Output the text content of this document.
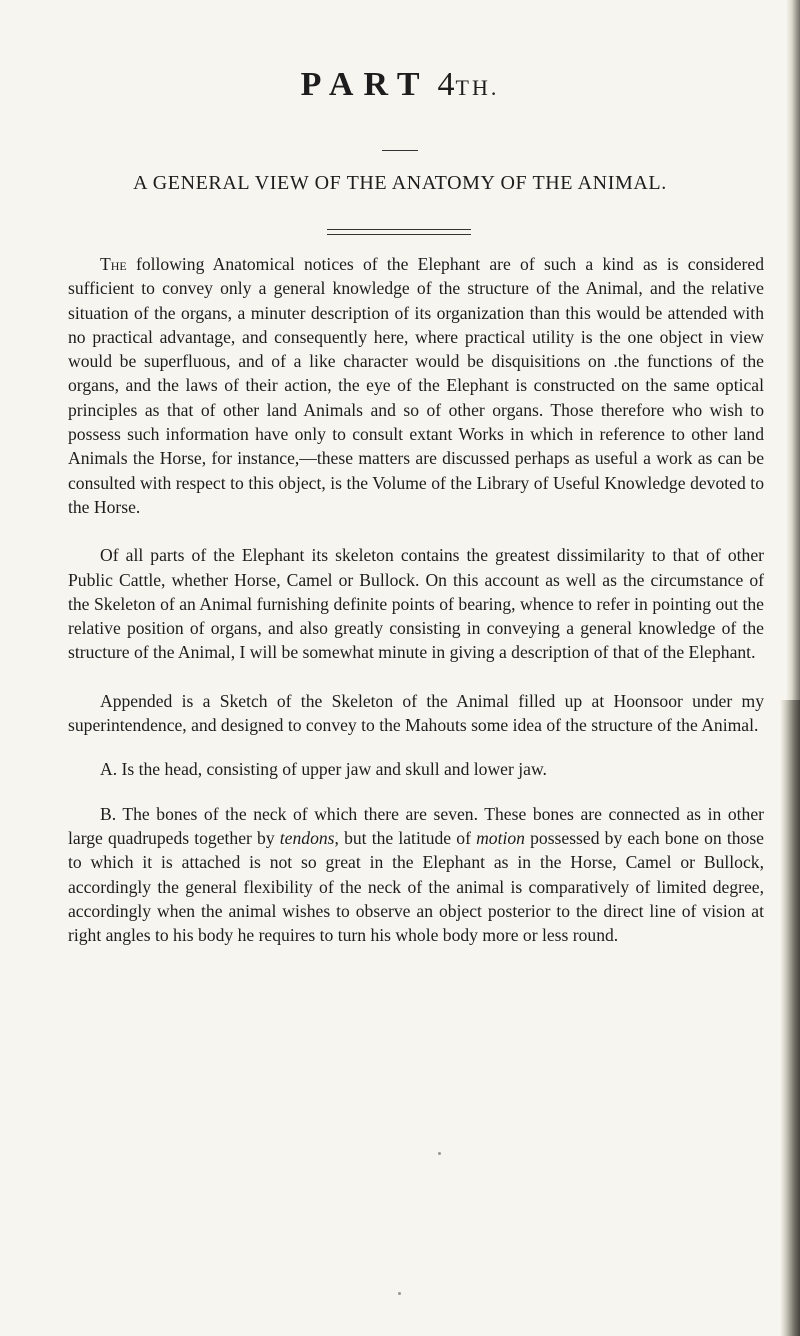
PART 4TH.
A GENERAL VIEW OF THE ANATOMY OF THE ANIMAL.

The following Anatomical notices of the Elephant are of such a kind as is considered sufficient to convey only a general knowledge of the structure of the Animal, and the relative situation of the organs, a minuter description of its organization than this would be attended with no practical advantage, and consequently here, where practical utility is the one object in view would be superfluous, and of a like character would be disquisitions on .the functions of the organs, and the laws of their action, the eye of the Elephant is constructed on the same optical principles as that of other land Animals and so of other organs. Those therefore who wish to possess such information have only to consult extant Works in which in reference to other land Animals the Horse, for instance,—these matters are discussed perhaps as useful a work as can be consulted with respect to this object, is the Volume of the Library of Useful Knowledge devoted to the Horse.

Of all parts of the Elephant its skeleton contains the greatest dissimilarity to that of other Public Cattle, whether Horse, Camel or Bullock. On this account as well as the circumstance of the Skeleton of an Animal furnishing definite points of bearing, whence to refer in pointing out the relative position of organs, and also greatly consisting in conveying a general knowledge of the structure of the Animal, I will be somewhat minute in giving a description of that of the Elephant.

Appended is a Sketch of the Skeleton of the Animal filled up at Hoonsoor under my superintendence, and designed to convey to the Mahouts some idea of the structure of the Animal.

A. Is the head, consisting of upper jaw and skull and lower jaw.

B. The bones of the neck of which there are seven. These bones are connected as in other large quadrupeds together by tendons, but the latitude of motion possessed by each bone on those to which it is attached is not so great in the Elephant as in the Horse, Camel or Bullock, accordingly the general flexibility of the neck of the animal is comparatively of limited degree, accordingly when the animal wishes to observe an object posterior to the direct line of vision at right angles to his body he requires to turn his whole body more or less round.
